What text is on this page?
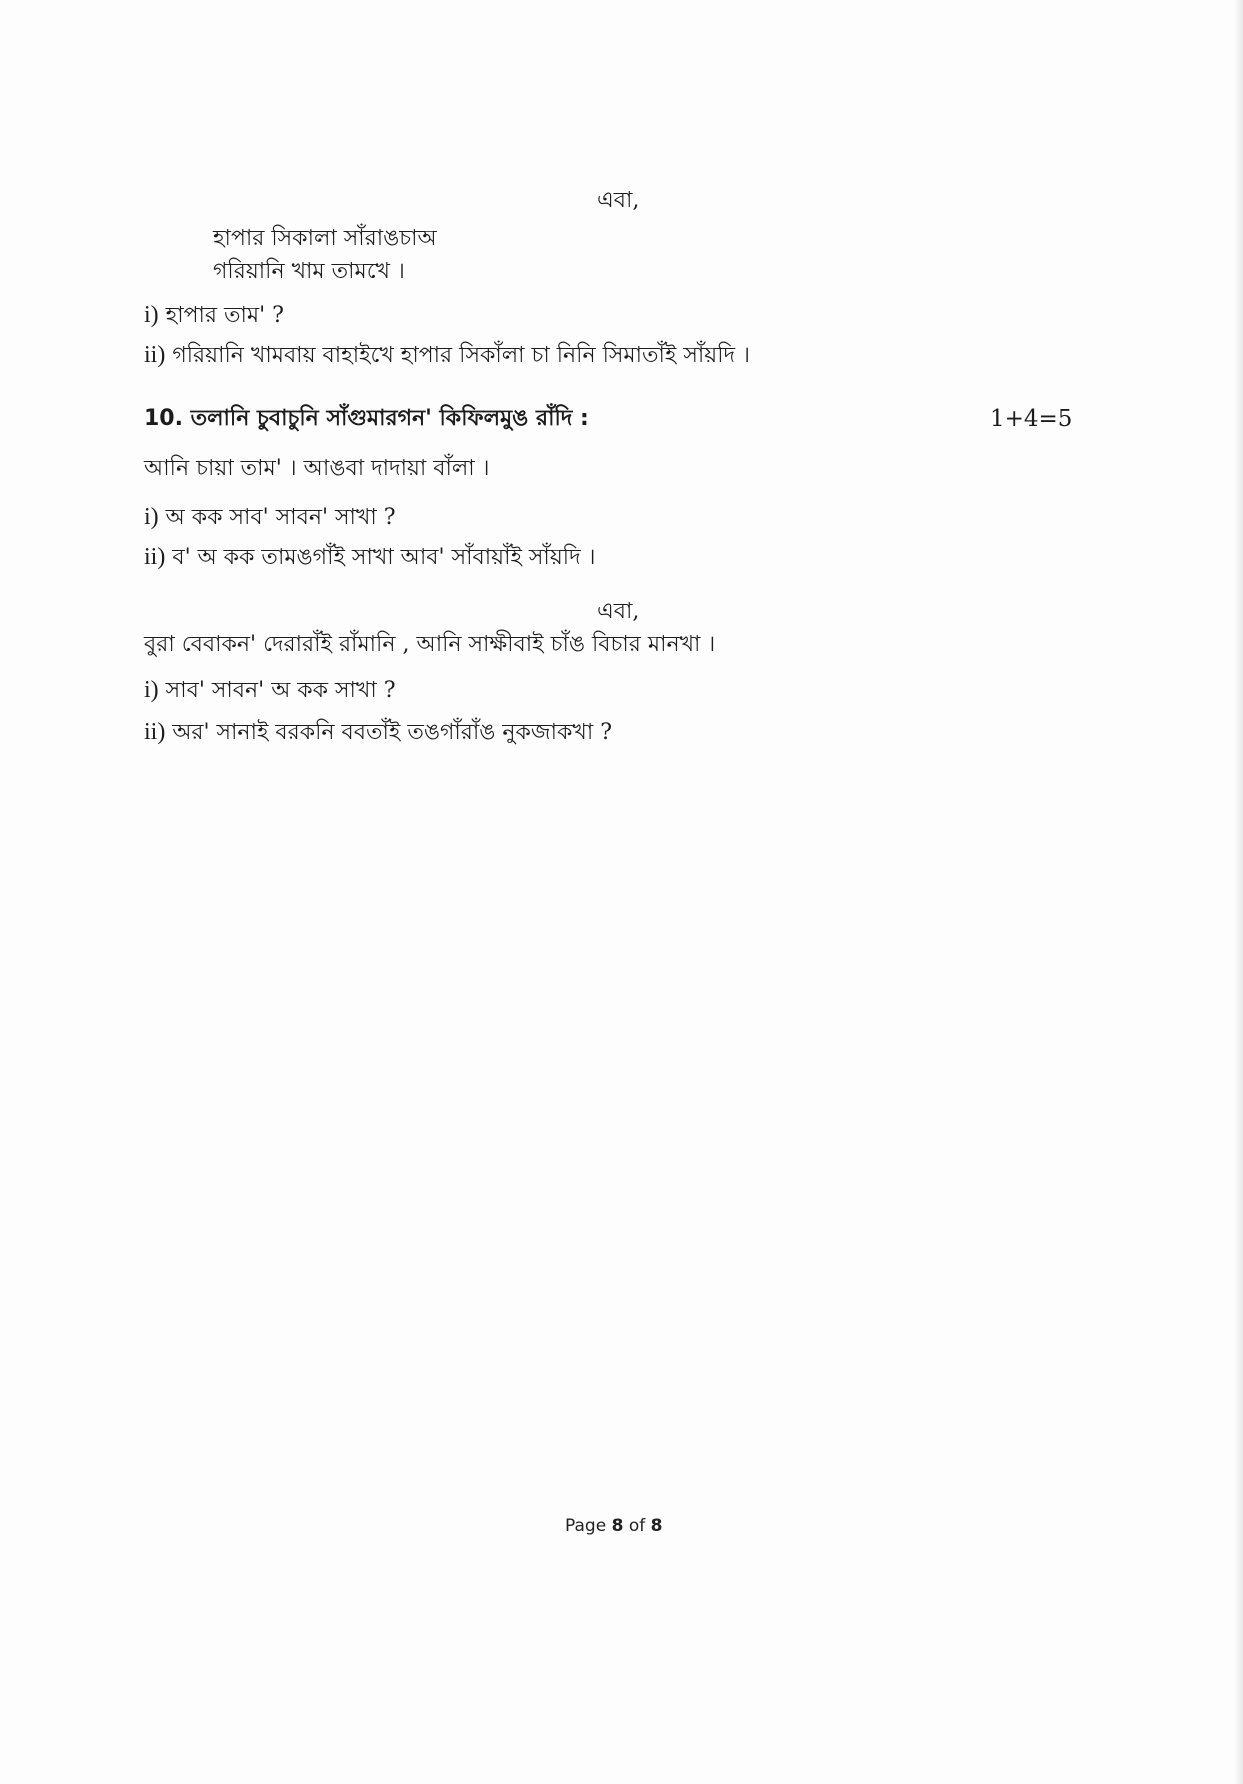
এবা,
হাপার সিকালা সাঁরাঙচাঅ
গরিয়ানি খাম তামখে ।
i) হাপার তাম' ?
ii) গরিয়ানি খামবায় বাহাইখে হাপার সিকাঁলা চা নিনি সিমাতাঁই সাঁয়দি ।
10. তলানি চুবাচুনি সাঁগুমারগন' কিফিলমুঙ রাঁদি :	1+4=5
আনি চায়া তাম' । আঙবা দাদায়া বাঁলা ।
i) অ কক সাব' সাবন' সাখা ?
ii) ব' অ কক তামঙগাঁই সাখা আব' সাঁবায়াঁই সাঁয়দি ।
এবা,
বুরা বেবাকন' দেরারাঁই রাঁমানি , আনি সাক্ষীবাই চাঁঙ বিচার মানখা ।
i) সাব' সাবন' অ কক সাখা ?
ii) অর' সানাই বরকনি ববতাঁই তঙগাঁরাঁঙ নুকজাকখা ?
Page 8 of 8
